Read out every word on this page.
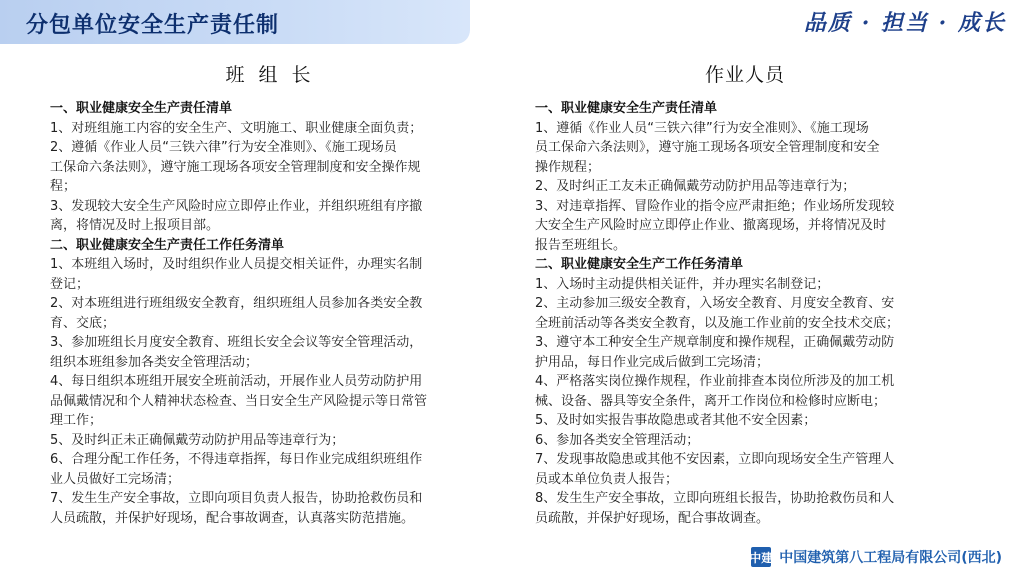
分包单位安全生产责任制	品质 · 担当 · 成长
班 组 长
一、职业健康安全生产责任清单
1、对班组施工内容的安全生产、文明施工、职业健康全面负责；
2、遵循《作业人员“三铁六律”行为安全准则》、《施工现场员
工保命六条法则》，遵守施工现场各项安全管理制度和安全操作规
程；
3、发现较大安全生产风险时应立即停止作业，并组织班组有序撤
离，将情况及时上报项目部。
二、职业健康安全生产责任工作任务清单
1、本班组入场时，及时组织作业人员提交相关证件，办理实名制
登记；
2、对本班组进行班组级安全教育，组织班组人员参加各类安全教
育、交底；
3、参加班组长月度安全教育、班组长安全会议等安全管理活动，
组织本班组参加各类安全管理活动；
4、每日组织本班组开展安全班前活动，开展作业人员劳动防护用
品佩戴情况和个人精神状态检查、当日安全生产风险提示等日常管
理工作；
5、及时纠正未正确佩戴劳动防护用品等违章行为；
6、合理分配工作任务，不得违章指挥，每日作业完成组织班组作
业人员做好工完场清；
7、发生生产安全事故，立即向项目负责人报告，协助抢救伤员和
人员疏散，并保护好现场，配合事故调查，认真落实防范措施。
作业人员
一、职业健康安全生产责任清单
1、遵循《作业人员“三铁六律”行为安全准则》、《施工现场
员工保命六条法则》，遵守施工现场各项安全管理制度和安全
操作规程；
2、及时纠正工友未正确佩戴劳动防护用品等违章行为；
3、对违章指挥、冒险作业的指令应严肃拒绝；作业场所发现较
大安全生产风险时应立即停止作业、撤离现场，并将情况及时
报告至班组长。
二、职业健康安全生产工作任务清单
1、入场时主动提供相关证件，并办理实名制登记；
2、主动参加三级安全教育，入场安全教育、月度安全教育、安
全班前活动等各类安全教育，以及施工作业前的安全技术交底；
3、遵守本工种安全生产规章制度和操作规程，正确佩戴劳动防
护用品，每日作业完成后做到工完场清；
4、严格落实岗位操作规程，作业前排查本岗位所涉及的加工机
械、设备、器具等安全条件，离开工作岗位和检修时应断电；
5、及时如实报告事故隐患或者其他不安全因素；
6、参加各类安全管理活动；
7、发现事故隐患或其他不安因素，立即向现场安全生产管理人
员或本单位负责人报告；
8、发生生产安全事故，立即向班组长报告，协助抢救伤员和人
员疏散，并保护好现场，配合事故调查。
中建 中国建筑第八工程局有限公司(西北)
